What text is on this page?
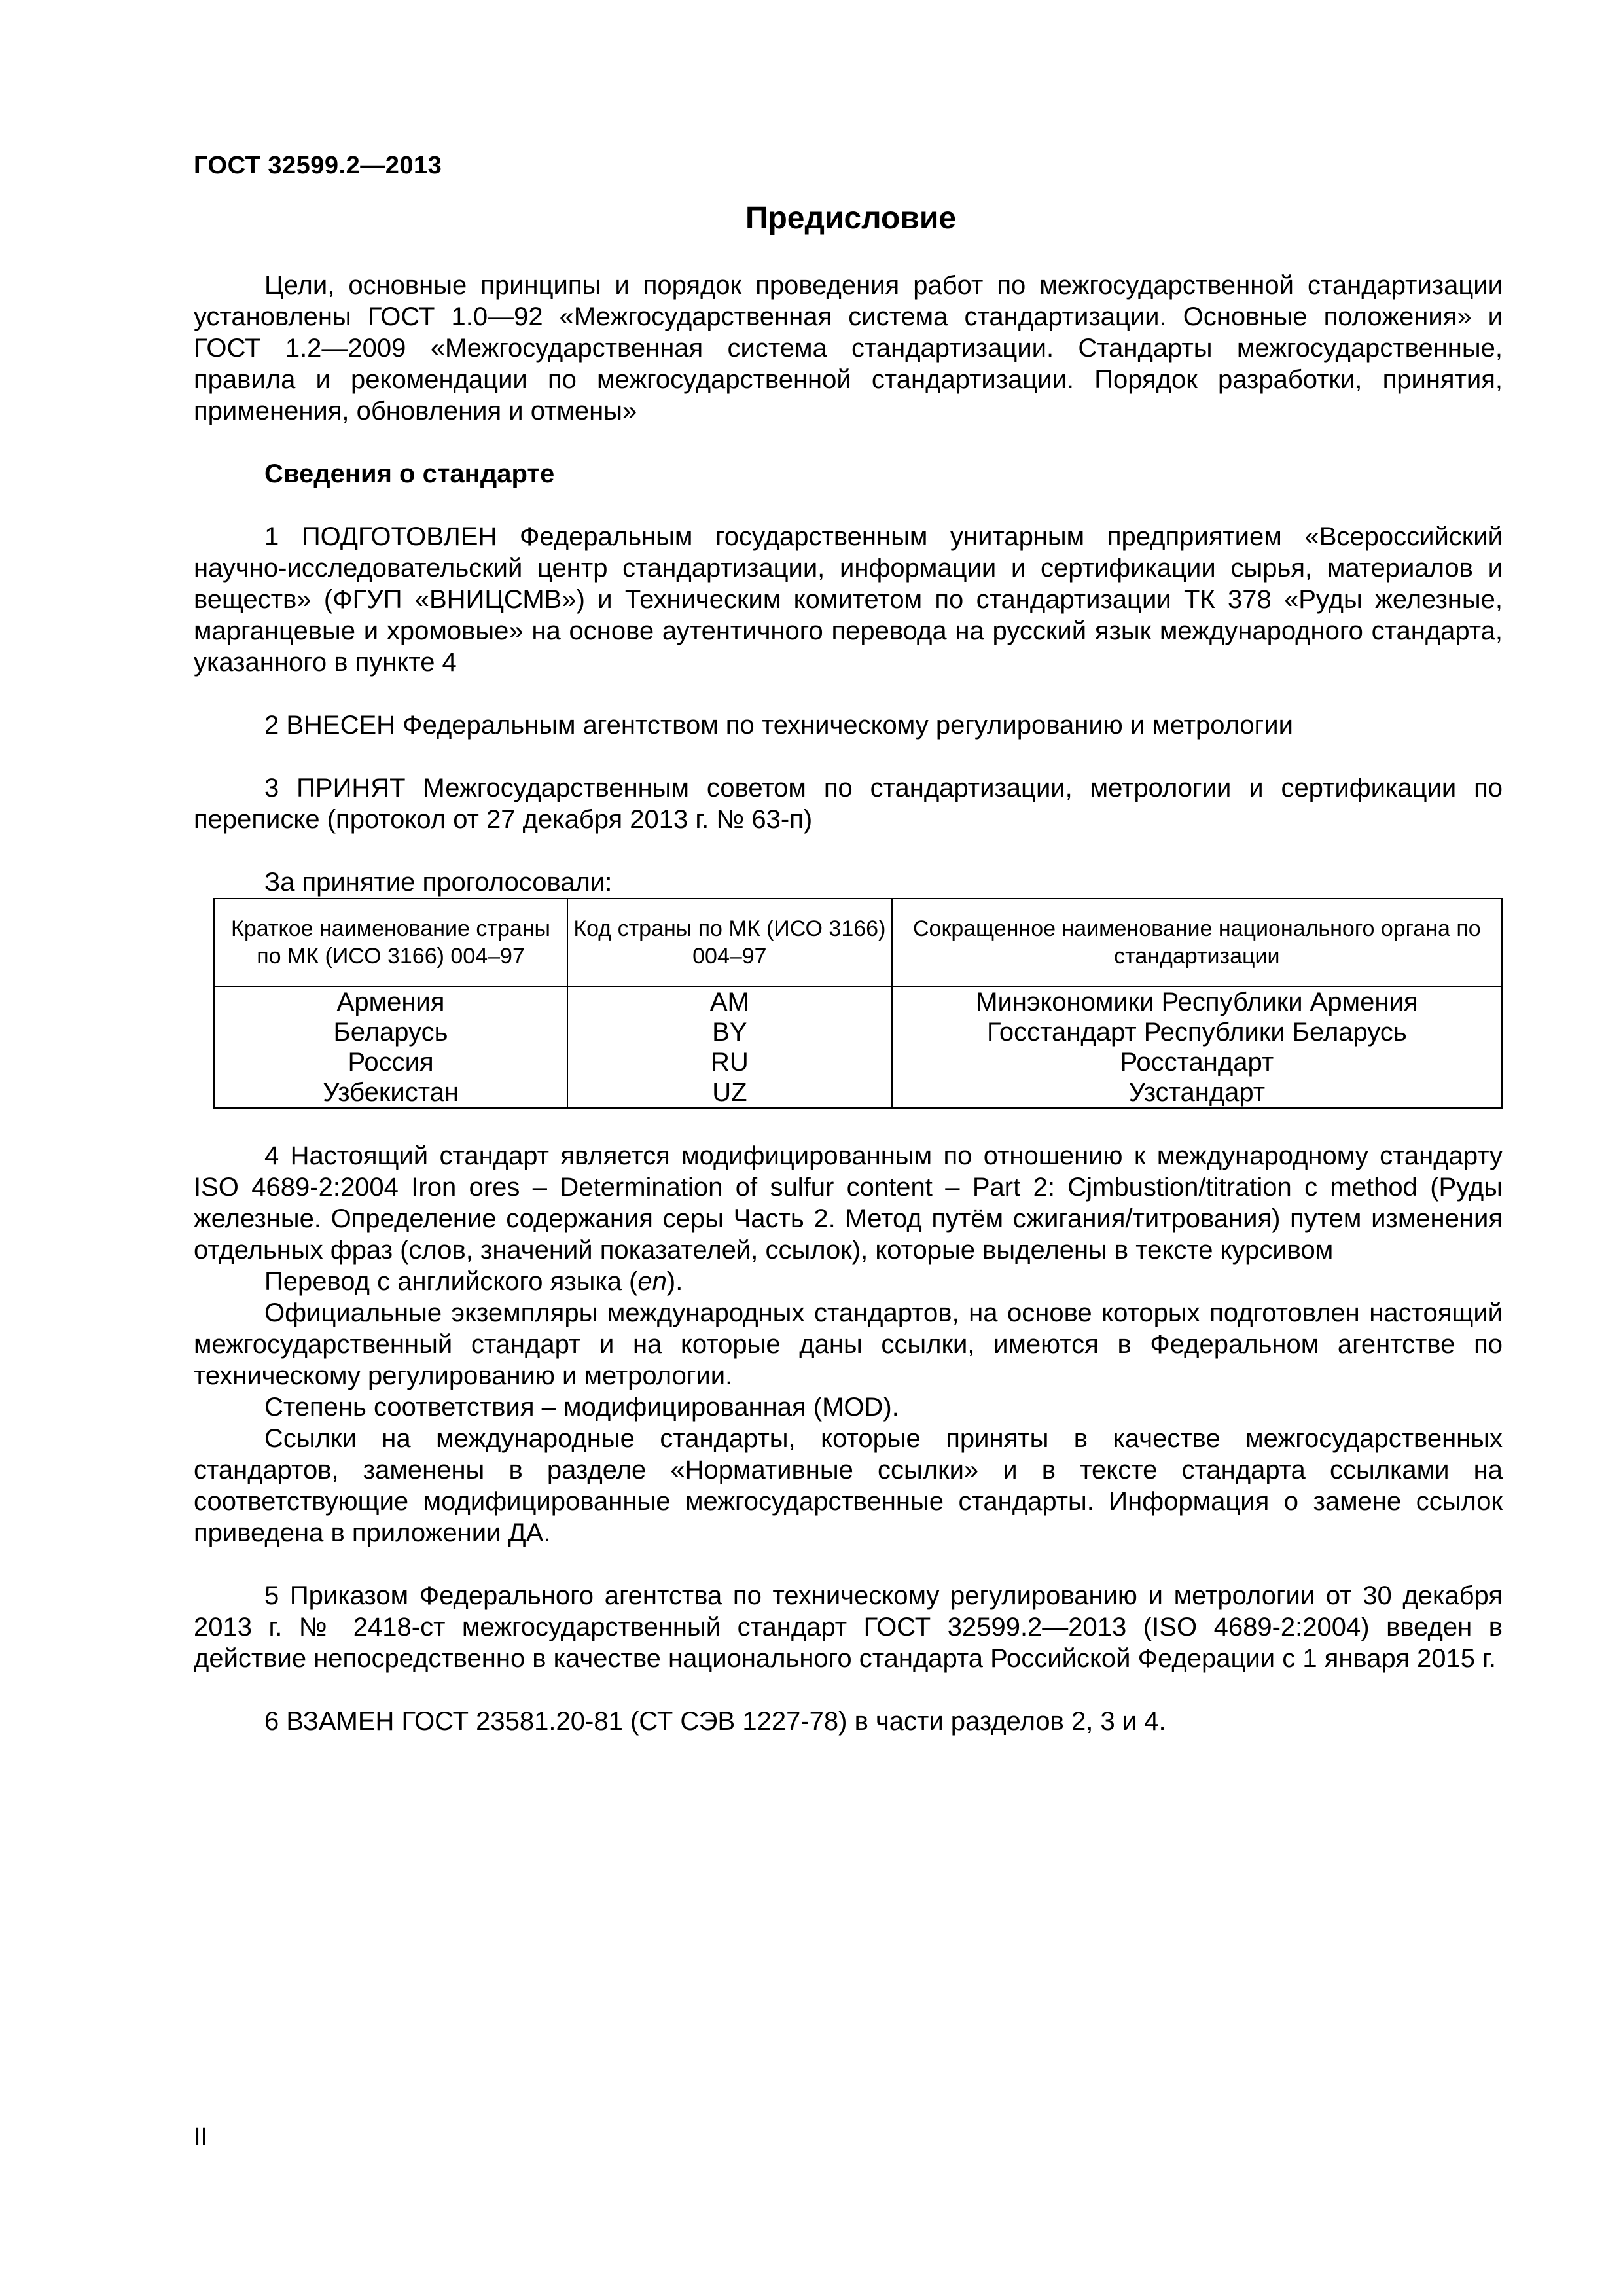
ГОСТ 32599.2—2013
Предисловие

Цели, основные принципы и порядок проведения работ по межгосударственной стандартизации установлены ГОСТ 1.0—92 «Межгосударственная система стандартизации. Основные положения» и ГОСТ 1.2—2009 «Межгосударственная система стандартизации. Стандарты межгосударственные, правила и рекомендации по межгосударственной стандартизации. Порядок разработки, принятия, применения, обновления и отмены»

Сведения о стандарте

1 ПОДГОТОВЛЕН Федеральным государственным унитарным предприятием «Всероссийский научно-исследовательский центр стандартизации, информации и сертификации сырья, материалов и веществ» (ФГУП «ВНИЦСМВ») и Техническим комитетом по стандартизации ТК 378 «Руды железные, марганцевые и хромовые» на основе аутентичного перевода на русский язык международного стандарта, указанного в пункте 4

2 ВНЕСЕН Федеральным агентством по техническому регулированию и метрологии

3 ПРИНЯТ Межгосударственным советом по стандартизации, метрологии и сертификации по переписке (протокол от 27 декабря 2013 г. № 63-п)

За принятие проголосовали:

Краткое наименование страны по МК (ИСО 3166) 004–97	Код страны по МК (ИСО 3166) 004–97	Сокращенное наименование национального органа по стандартизации
Армения	AM	Минэкономики Республики Армения
Беларусь	BY	Госстандарт Республики Беларусь
Россия	RU	Росстандарт
Узбекистан	UZ	Узстандарт

4 Настоящий стандарт является модифицированным по отношению к международному стандарту ISO 4689-2:2004 Iron ores – Determination of sulfur content – Part 2: Cjmbustion/titration c method (Руды железные. Определение содержания серы Часть 2. Метод путём сжигания/титрования) путем изменения отдельных фраз (слов, значений показателей, ссылок), которые выделены в тексте курсивом

Перевод с английского языка (en).

Официальные экземпляры международных стандартов, на основе которых подготовлен настоящий межгосударственный стандарт и на которые даны ссылки, имеются в Федеральном агентстве по техническому регулированию и метрологии.

Степень соответствия – модифицированная (MOD).

Ссылки на международные стандарты, которые приняты в качестве межгосударственных стандартов, заменены в разделе «Нормативные ссылки» и в тексте стандарта ссылками на соответствующие модифицированные межгосударственные стандарты. Информация о замене ссылок приведена в приложении ДА.

5 Приказом Федерального агентства по техническому регулированию и метрологии от 30 декабря 2013 г. № 2418-ст межгосударственный стандарт ГОСТ 32599.2—2013 (ISO 4689-2:2004) введен в действие непосредственно в качестве национального стандарта Российской Федерации с 1 января 2015 г.

6 ВЗАМЕН ГОСТ 23581.20-81 (СТ СЭВ 1227-78) в части разделов 2, 3 и 4.

II
